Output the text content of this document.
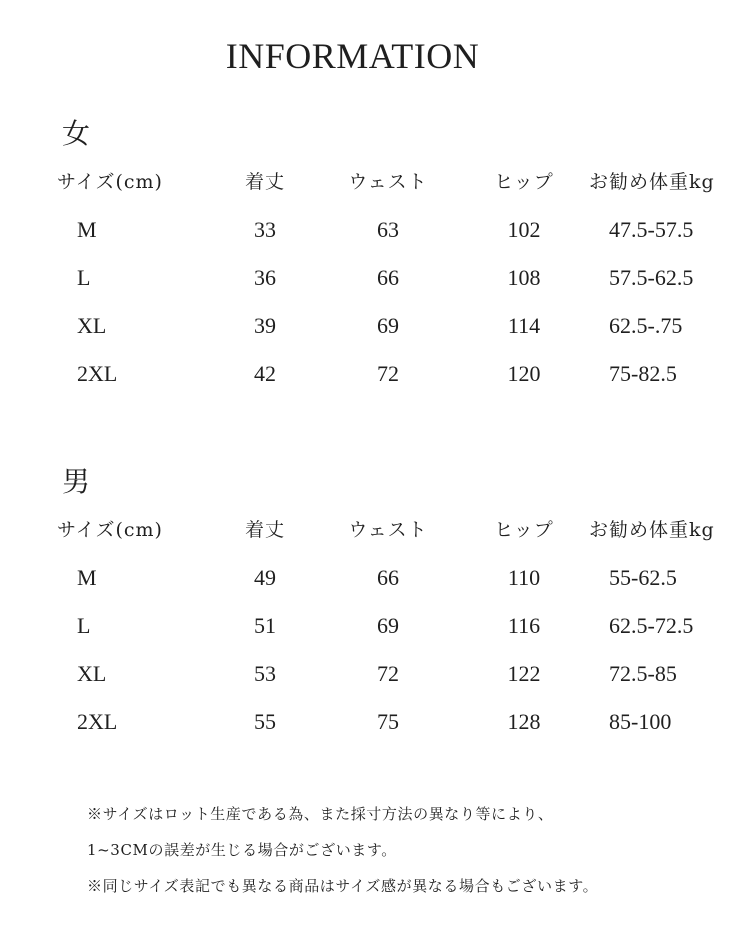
INFORMATION
女
サイズ(cm)	着丈	ウェスト	ヒップ	お勧め体重kg
M	33	63	102	47.5-57.5
L	36	66	108	57.5-62.5
XL	39	69	114	62.5-.75
2XL	42	72	120	75-82.5
男
サイズ(cm)	着丈	ウェスト	ヒップ	お勧め体重kg
M	49	66	110	55-62.5
L	51	69	116	62.5-72.5
XL	53	72	122	72.5-85
2XL	55	75	128	85-100
※サイズはロット生産である為、また採寸方法の異なり等により、
1~3CMの誤差が生じる場合がございます。
※同じサイズ表記でも異なる商品はサイズ感が異なる場合もございます。
